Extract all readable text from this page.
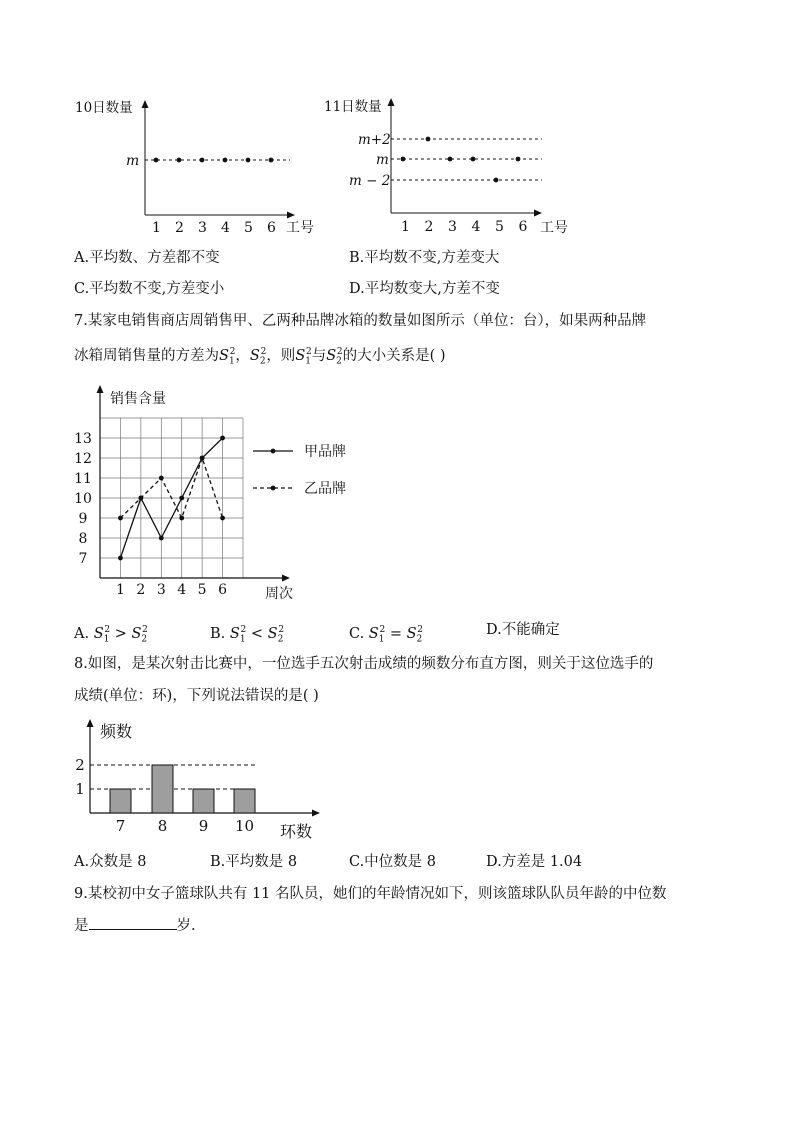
10日数量
工号
m
1 2 3 4 5 6
11日数量
工号
m+2
m
m − 2
1 2 3 4 5 6
销售含量
周次
7
8
9
10
11
12
13
1 2 3 4 5 6
甲品牌
乙品牌
频数
环数
1
2
7 8 9 10
A.平均数、方差都不变	B.平均数不变,方差变大
C.平均数不变,方差变小	D.平均数变大,方差不变
7.某家电销售商店周销售甲、乙两种品牌冰箱的数量如图所示（单位：台），如果两种品牌
冰箱周销售量的方差为$S_1^2$，$S_2^2$，则$S_1^2$与$S_2^2$的大小关系是( )
A. $S_1^2 > S_2^2$	B. $S_1^2 < S_2^2$	C. $S_1^2 = S_2^2$	D.不能确定
8.如图，是某次射击比赛中，一位选手五次射击成绩的频数分布直方图，则关于这位选手的
成绩(单位：环)，下列说法错误的是( )
A.众数是 8	B.平均数是 8	C.中位数是 8	D.方差是 1.04
9.某校初中女子篮球队共有 11 名队员，她们的年龄情况如下，则该篮球队队员年龄的中位数
是	岁.
